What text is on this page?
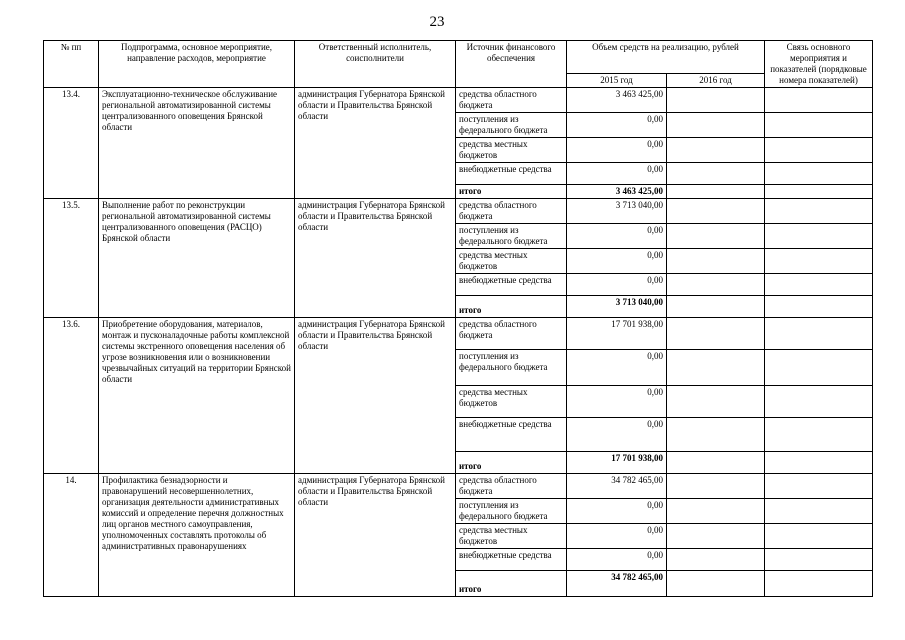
23
№ пп	Подпрограмма, основное мероприятие, направление расходов, мероприятие	Ответственный исполнитель, соисполнители	Источник финансового обеспечения	Объем средств на реализацию, рублей		Связь основного мероприятия и показателей (порядковые номера показателей)
				2015 год	2016 год	
13.4.	Эксплуатационно-техническое обслуживание региональной автоматизированной системы централизованного оповещения Брянской области	администрация Губернатора Брянской области и Правительства Брянской области	средства областного бюджета	3 463 425,00		
			поступления из федерального бюджета	0,00		
			средства местных бюджетов	0,00		
			внебюджетные средства	0,00		
			итого	3 463 425,00		
13.5.	Выполнение работ по реконструкции региональной автоматизированной системы централизованного оповещения (РАСЦО) Брянской области	администрация Губернатора Брянской области и Правительства Брянской области	средства областного бюджета	3 713 040,00		
			поступления из федерального бюджета	0,00		
			средства местных бюджетов	0,00		
			внебюджетные средства	0,00		
			итого	3 713 040,00		
13.6.	Приобретение оборудования, материалов, монтаж и пусконаладочные работы комплексной системы экстренного оповещения населения об угрозе возникновения или о возникновении чрезвычайных ситуаций на территории Брянской области	администрация Губернатора Брянской области и Правительства Брянской области	средства областного бюджета	17 701 938,00		
			поступления из федерального бюджета	0,00		
			средства местных бюджетов	0,00		
			внебюджетные средства	0,00		
			итого	17 701 938,00		
14.	Профилактика безнадзорности и правонарушений несовершеннолетних, организация деятельности административных комиссий и определение перечня должностных лиц органов местного самоуправления, уполномоченных составлять протоколы об административных правонарушениях	администрация Губернатора Брянской области и Правительства Брянской области	средства областного бюджета	34 782 465,00		
			поступления из федерального бюджета	0,00		
			средства местных бюджетов	0,00		
			внебюджетные средства	0,00		
			итого	34 782 465,00		
